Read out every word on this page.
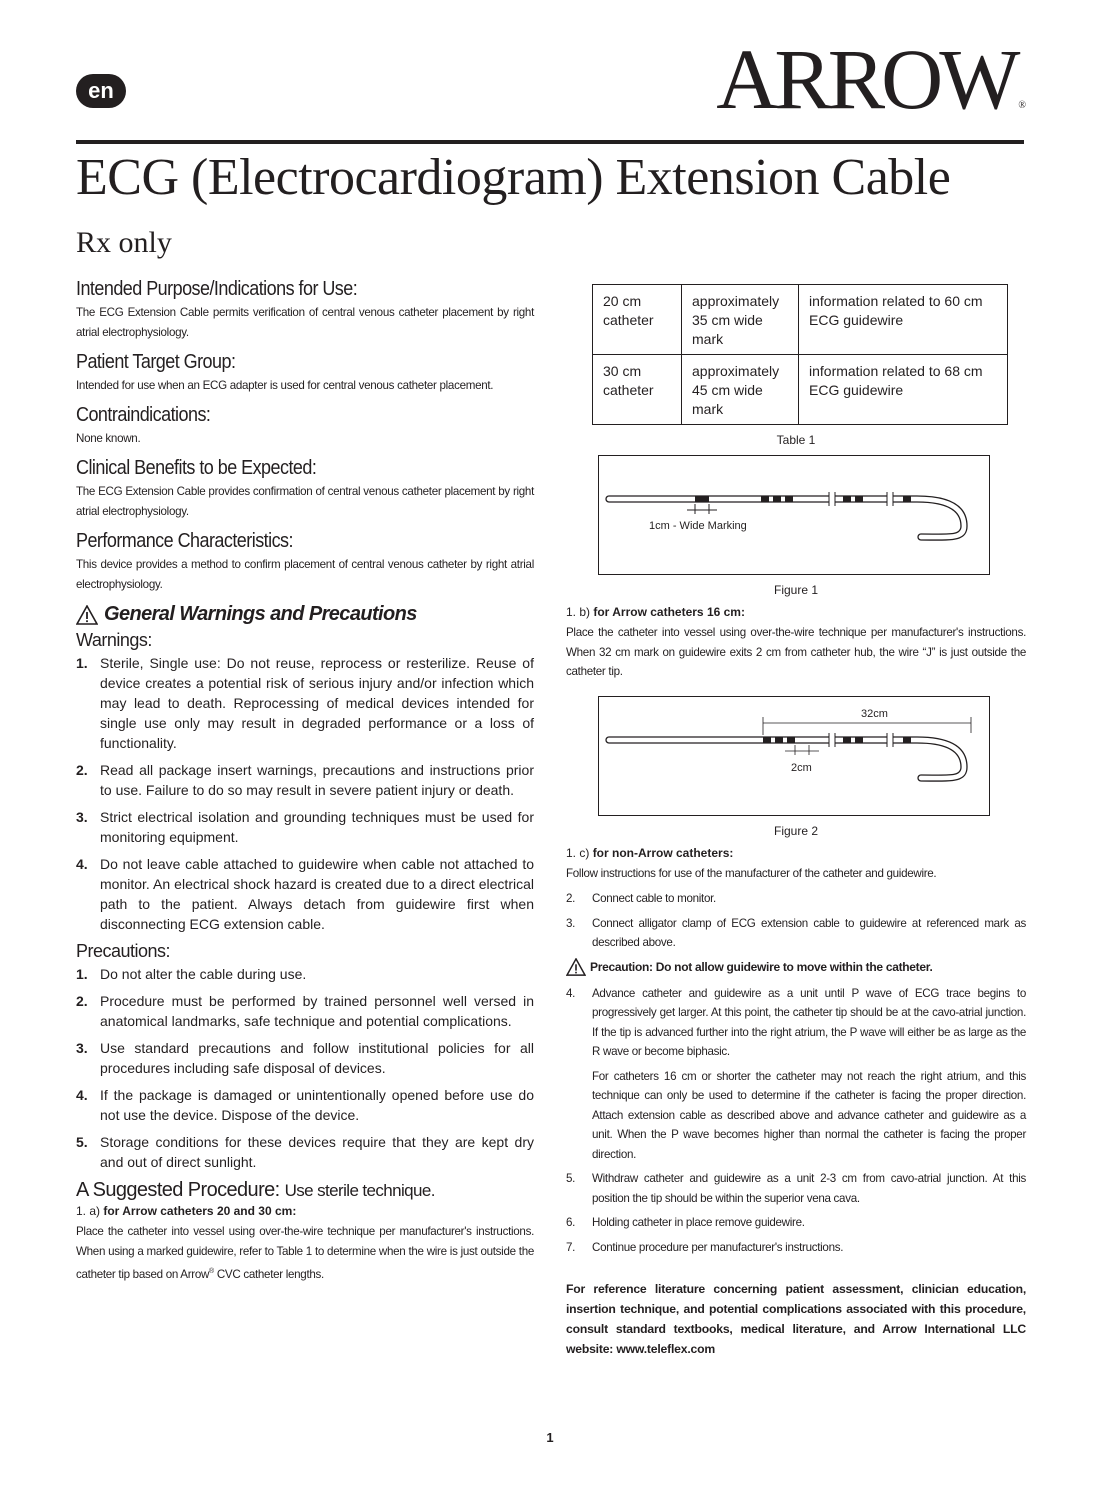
en	ARROW ®
ECG (Electrocardiogram) Extension Cable
Rx only
Intended Purpose/Indications for Use:

The ECG Extension Cable permits verification of central venous catheter placement by right atrial electrophysiology.

Patient Target Group:

Intended for use when an ECG adapter is used for central venous catheter placement.

Contraindications:

None known.

Clinical Benefits to be Expected:

The ECG Extension Cable provides confirmation of central venous catheter placement by right atrial electrophysiology.

Performance Characteristics:

This device provides a method to confirm placement of central venous catheter by right atrial electrophysiology.

General Warnings and Precautions
Warnings:
1. Sterile, Single use: Do not reuse, reprocess or resterilize. Reuse of device creates a potential risk of serious injury and/or infection which may lead to death. Reprocessing of medical devices intended for single use only may result in degraded performance or a loss of functionality.
2. Read all package insert warnings, precautions and instructions prior to use. Failure to do so may result in severe patient injury or death.
3. Strict electrical isolation and grounding techniques must be used for monitoring equipment.
4. Do not leave cable attached to guidewire when cable not attached to monitor. An electrical shock hazard is created due to a direct electrical path to the patient. Always detach from guidewire first when disconnecting ECG extension cable.
Precautions:
1. Do not alter the cable during use.
2. Procedure must be performed by trained personnel well versed in anatomical landmarks, safe technique and potential complications.
3. Use standard precautions and follow institutional policies for all procedures including safe disposal of devices.
4. If the package is damaged or unintentionally opened before use do not use the device. Dispose of the device.
5. Storage conditions for these devices require that they are kept dry and out of direct sunlight.
A Suggested Procedure: Use sterile technique.
1. a) for Arrow catheters 20 and 30 cm:

Place the catheter into vessel using over-the-wire technique per manufacturer's instructions. When using a marked guidewire, refer to Table 1 to determine when the wire is just outside the catheter tip based on Arrow® CVC catheter lengths.

20 cm catheter	approximately 35 cm wide mark	information related to 60 cm ECG guidewire
30 cm catheter	approximately 45 cm wide mark	information related to 68 cm ECG guidewire
Table 1
1cm - Wide Marking
Figure 1
1. b) for Arrow catheters 16 cm:

Place the catheter into vessel using over-the-wire technique per manufacturer's instructions. When 32 cm mark on guidewire exits 2 cm from catheter hub, the wire “J” is just outside the catheter tip.

32cm
2cm
Figure 2
1. c) for non-Arrow catheters:

Follow instructions for use of the manufacturer of the catheter and guidewire.

2.	Connect cable to monitor.
3.	Connect alligator clamp of ECG extension cable to guidewire at referenced mark as described above.
Precaution: Do not allow guidewire to move within the catheter.
4.	Advance catheter and guidewire as a unit until P wave of ECG trace begins to progressively get larger. At this point, the catheter tip should be at the cavo-atrial junction. If the tip is advanced further into the right atrium, the P wave will either be as large as the R wave or become biphasic.
For catheters 16 cm or shorter the catheter may not reach the right atrium, and this technique can only be used to determine if the catheter is facing the proper direction. Attach extension cable as described above and advance catheter and guidewire as a unit. When the P wave becomes higher than normal the catheter is facing the proper direction.
5.	Withdraw catheter and guidewire as a unit 2-3 cm from cavo-atrial junction. At this position the tip should be within the superior vena cava.
6.	Holding catheter in place remove guidewire.
7.	Continue procedure per manufacturer's instructions.
For reference literature concerning patient assessment, clinician education, insertion technique, and potential complications associated with this procedure, consult standard textbooks, medical literature, and Arrow International LLC website: www.teleflex.com
1
